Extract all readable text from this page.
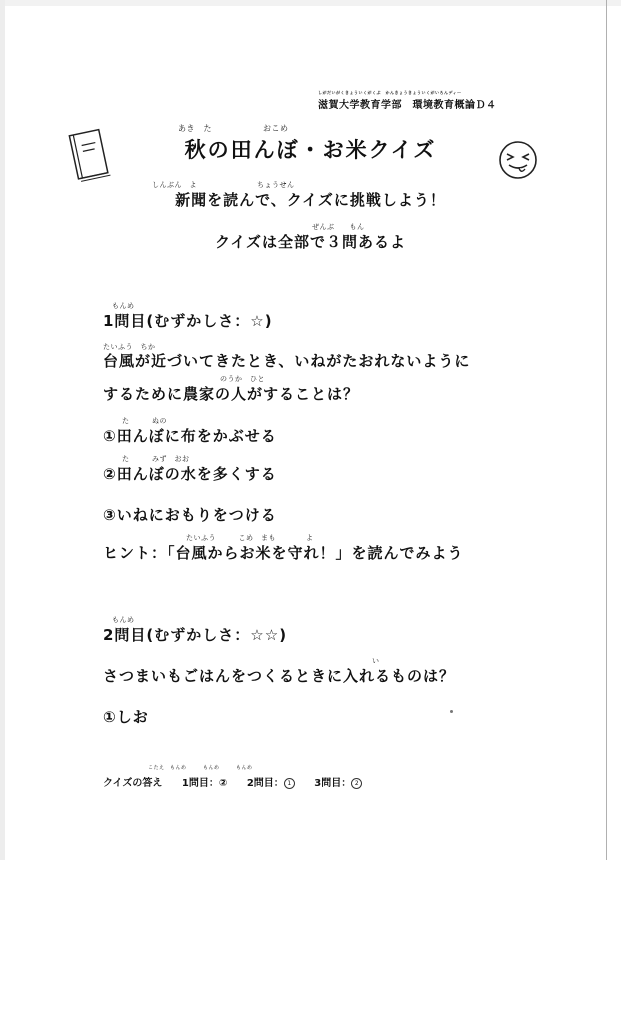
しがだいがくきょういくがくぶ　かんきょうきょういくがいろんディー
滋賀大学教育学部　環境教育概論Ｄ４
あき　た　　　　　　おこめ
秋の田んぼ・お米クイズ
しんぶん　よ　　　　　　　　ちょうせん
新聞を読んで、クイズに挑戦しよう！
ぜんぶ　　もん
クイズは全部で３問あるよ
もんめ
1問目(むずかしさ：☆)
たいふう　ちか
台風が近づいてきたとき、いねがたおれないように
のうか　ひと
するために農家の人がすることは？
た　　　ぬの
①田んぼに布をかぶせる
た　　　みず　おお
②田んぼの水を多くする
③いねにおもりをつける
たいふう　　　こめ　まも　　　　よ
ヒント：「台風からお米を守れ！」を読んでみよう
もんめ
2問目(むずかしさ：☆☆)
い
さつまいもごはんをつくるときに入れるものは？
①しお
こたえ　もんめ　　　もんめ　　　もんめ
クイズの答え 1問目：② 2問目： 1 3問目： 2
